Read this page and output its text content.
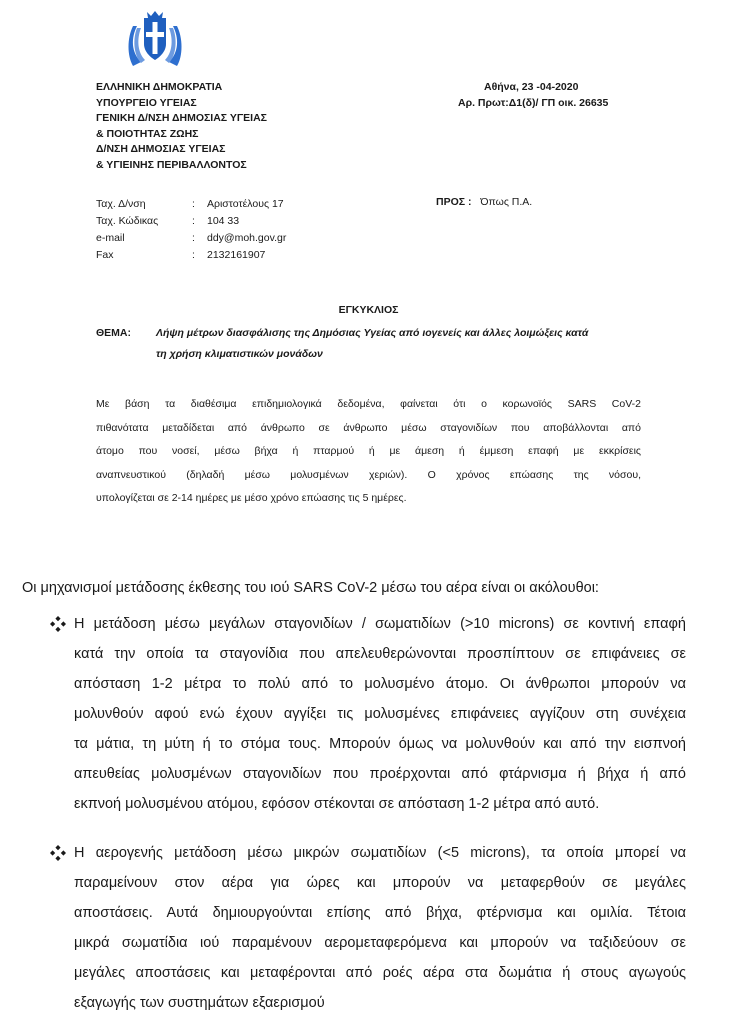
ΕΛΛΗΝΙΚΗ ΔΗΜΟΚΡΑΤΙΑ
ΥΠΟΥΡΓΕΙΟ ΥΓΕΙΑΣ
ΓΕΝΙΚΗ Δ/ΝΣΗ ΔΗΜΟΣΙΑΣ ΥΓΕΙΑΣ
& ΠΟΙΟΤΗΤΑΣ ΖΩΗΣ
Δ/ΝΣΗ ΔΗΜΟΣΙΑΣ ΥΓΕΙΑΣ
& ΥΓΙΕΙΝΗΣ ΠΕΡΙΒΑΛΛΟΝΤΟΣ
Αθήνα, 23 -04-2020
Αρ. Πρωτ:Δ1(δ)/ ΓΠ οικ. 26635
Ταχ. Δ/νση	:	Αριστοτέλους 17
Ταχ. Κώδικας	:	104 33
e-mail	:	ddy@moh.gov.gr
Fax	:	2132161907
ΠΡΟΣ : Όπως Π.Α.
ΕΓΚΥΚΛΙΟΣ
ΘΕΜΑ:	Λήψη μέτρων διασφάλισης της Δημόσιας Υγείας από ιογενείς και άλλες λοιμώξεις κατά
τη χρήση κλιματιστικών μονάδων
Με βάση τα διαθέσιμα επιδημιολογικά δεδομένα, φαίνεται ότι ο κορωνοϊός SARS CoV-2
πιθανότατα μεταδίδεται από άνθρωπο σε άνθρωπο μέσω σταγονιδίων που αποβάλλονται από
άτομο που νοσεί, μέσω βήχα ή πταρμού ή με άμεση ή έμμεση επαφή με εκκρίσεις
αναπνευστικού (δηλαδή μέσω μολυσμένων χεριών). Ο χρόνος επώασης της νόσου,
υπολογίζεται σε 2-14 ημέρες με μέσο χρόνο επώασης τις 5 ημέρες.
Οι μηχανισμοί μετάδοσης έκθεσης του ιού SARS CoV-2 μέσω του αέρα είναι οι ακόλουθοι:
Η μετάδοση μέσω μεγάλων σταγονιδίων / σωματιδίων (>10 microns) σε κοντινή επαφή
κατά την οποία τα σταγονίδια που απελευθερώνονται προσπίπτουν σε επιφάνειες σε
απόσταση 1-2 μέτρα το πολύ από το μολυσμένο άτομο. Οι άνθρωποι μπορούν να
μολυνθούν αφού ενώ έχουν αγγίξει τις μολυσμένες επιφάνειες αγγίζουν στη συνέχεια
τα μάτια, τη μύτη ή το στόμα τους. Μπορούν όμως να μολυνθούν και από την εισπνοή
απευθείας μολυσμένων σταγονιδίων που προέρχονται από φτάρνισμα ή βήχα ή από
εκπνοή μολυσμένου ατόμου, εφόσον στέκονται σε απόσταση 1-2 μέτρα από αυτό.
Η αερογενής μετάδοση μέσω μικρών σωματιδίων (<5 microns), τα οποία μπορεί να
παραμείνουν στον αέρα για ώρες και μπορούν να μεταφερθούν σε μεγάλες
αποστάσεις. Αυτά δημιουργούνται επίσης από βήχα, φτέρνισμα και ομιλία. Τέτοια
μικρά σωματίδια ιού παραμένουν αερομεταφερόμενα και μπορούν να ταξιδεύουν σε
μεγάλες αποστάσεις και μεταφέρονται από ροές αέρα στα δωμάτια ή στους αγωγούς
εξαγωγής των συστημάτων εξαερισμού
